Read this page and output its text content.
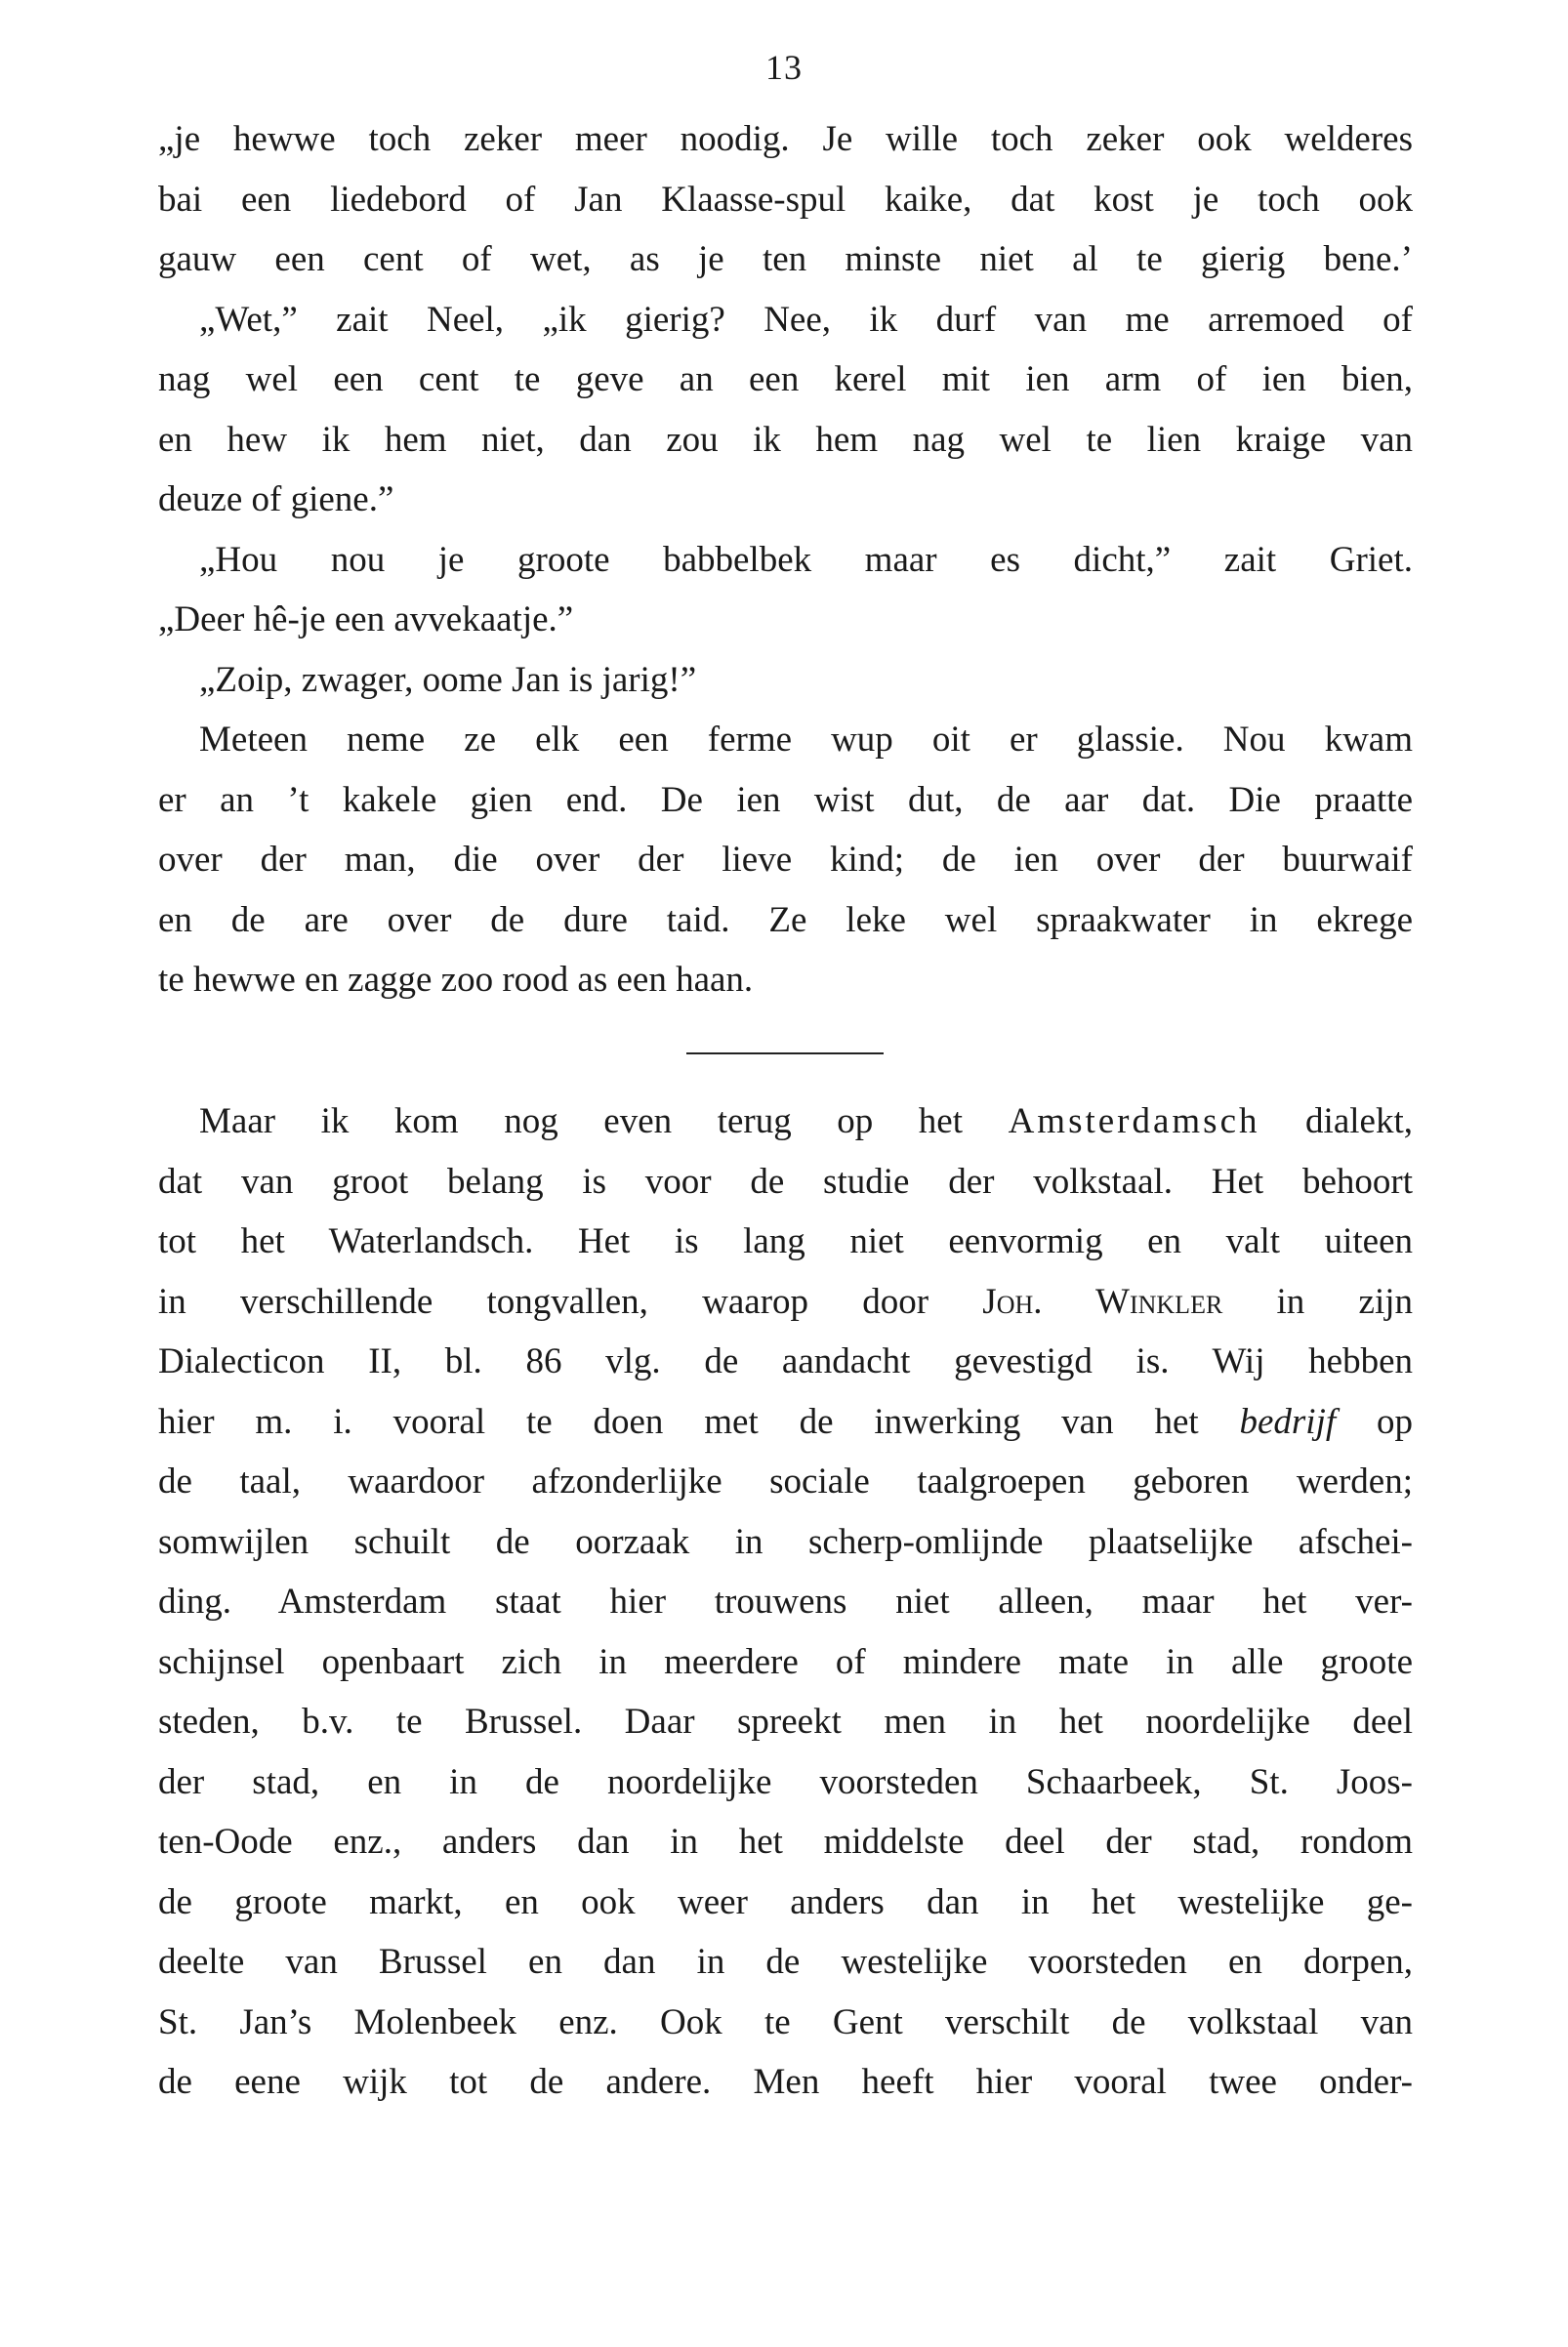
13
„je hewwe toch zeker meer noodig. Je wille toch zeker ook welderes
bai een liedebord of Jan Klaasse-spul kaike, dat kost je toch ook
gauw een cent of wet, as je ten minste niet al te gierig bene.’
„Wet,” zait Neel, „ik gierig? Nee, ik durf van me arremoed of
nag wel een cent te geve an een kerel mit ien arm of ien bien,
en hew ik hem niet, dan zou ik hem nag wel te lien kraige van
deuze of giene.”
„Hou nou je groote babbelbek maar es dicht,” zait Griet.
„Deer hê-je een avvekaatje.”
„Zoip, zwager, oome Jan is jarig!”
Meteen neme ze elk een ferme wup oit er glassie. Nou kwam
er an ’t kakele gien end. De ien wist dut, de aar dat. Die praatte
over der man, die over der lieve kind; de ien over der buurwaif
en de are over de dure taid. Ze leke wel spraakwater in ekrege
te hewwe en zagge zoo rood as een haan.
Maar ik kom nog even terug op het Amsterdamsch dialekt,
dat van groot belang is voor de studie der volkstaal. Het behoort
tot het Waterlandsch. Het is lang niet eenvormig en valt uiteen
in verschillende tongvallen, waarop door Joh. Winkler in zijn
Dialecticon II, bl. 86 vlg. de aandacht gevestigd is. Wij hebben
hier m. i. vooral te doen met de inwerking van het bedrijf op
de taal, waardoor afzonderlijke sociale taalgroepen geboren werden;
somwijlen schuilt de oorzaak in scherp-omlijnde plaatselijke afschei-
ding. Amsterdam staat hier trouwens niet alleen, maar het ver-
schijnsel openbaart zich in meerdere of mindere mate in alle groote
steden, b.v. te Brussel. Daar spreekt men in het noordelijke deel
der stad, en in de noordelijke voorsteden Schaarbeek, St. Joos-
ten-Oode enz., anders dan in het middelste deel der stad, rondom
de groote markt, en ook weer anders dan in het westelijke ge-
deelte van Brussel en dan in de westelijke voorsteden en dorpen,
St. Jan’s Molenbeek enz. Ook te Gent verschilt de volkstaal van
de eene wijk tot de andere. Men heeft hier vooral twee onder-
